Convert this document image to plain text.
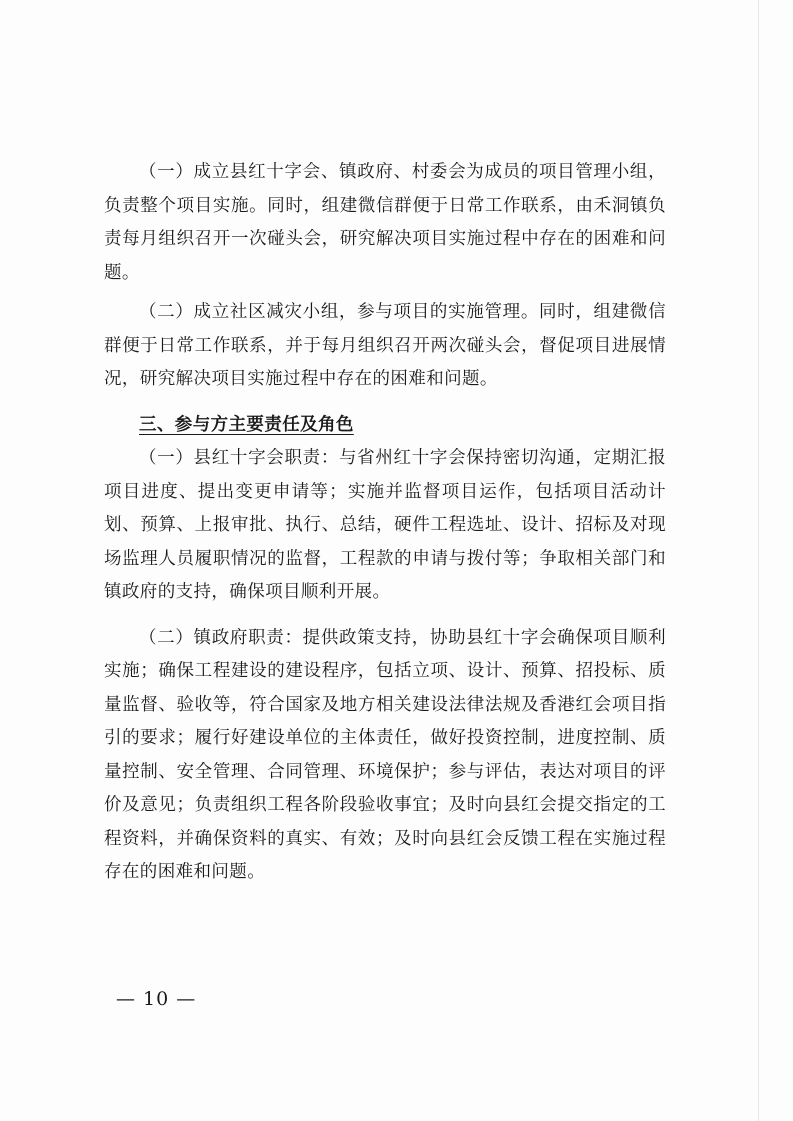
（一）成立县红十字会、镇政府、村委会为成员的项目管理小组，负责整个项目实施。同时，组建微信群便于日常工作联系，由禾洞镇负责每月组织召开一次碰头会，研究解决项目实施过程中存在的困难和问题。

（二）成立社区减灾小组，参与项目的实施管理。同时，组建微信群便于日常工作联系，并于每月组织召开两次碰头会，督促项目进展情况，研究解决项目实施过程中存在的困难和问题。

三、参与方主要责任及角色

（一）县红十字会职责：与省州红十字会保持密切沟通，定期汇报项目进度、提出变更申请等；实施并监督项目运作，包括项目活动计划、预算、上报审批、执行、总结，硬件工程选址、设计、招标及对现场监理人员履职情况的监督，工程款的申请与拨付等；争取相关部门和镇政府的支持，确保项目顺利开展。

（二）镇政府职责：提供政策支持，协助县红十字会确保项目顺利实施；确保工程建设的建设程序，包括立项、设计、预算、招投标、质量监督、验收等，符合国家及地方相关建设法律法规及香港红会项目指引的要求；履行好建设单位的主体责任，做好投资控制，进度控制、质量控制、安全管理、合同管理、环境保护；参与评估，表达对项目的评价及意见；负责组织工程各阶段验收事宜；及时向县红会提交指定的工程资料，并确保资料的真实、有效；及时向县红会反馈工程在实施过程存在的困难和问题。

— 10 —
